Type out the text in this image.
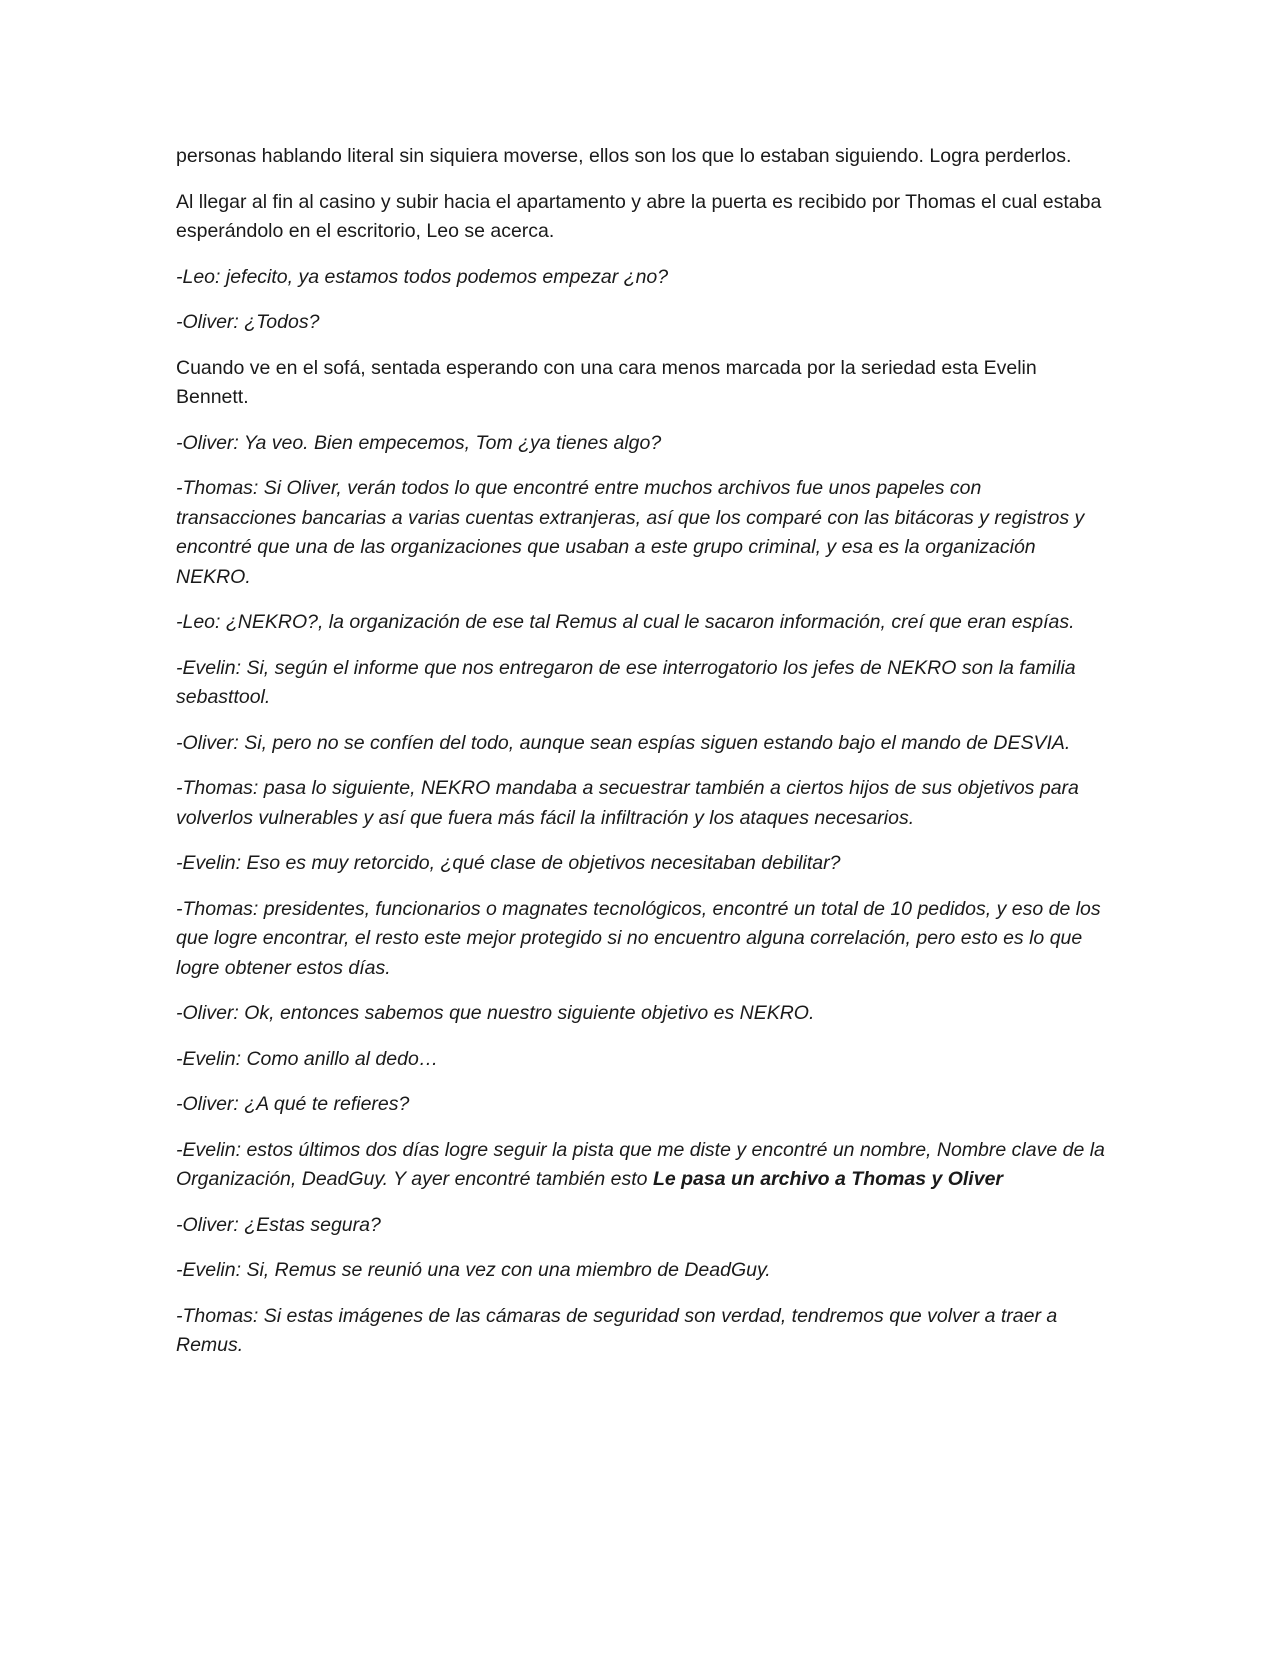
personas hablando literal sin siquiera moverse, ellos son los que lo estaban siguiendo. Logra perderlos.

Al llegar al fin al casino y subir hacia el apartamento y abre la puerta es recibido por Thomas el cual estaba esperándolo en el escritorio, Leo se acerca.

-Leo: jefecito, ya estamos todos podemos empezar ¿no?

-Oliver: ¿Todos?

Cuando ve en el sofá, sentada esperando con una cara menos marcada por la seriedad esta Evelin Bennett.

-Oliver: Ya veo. Bien empecemos, Tom ¿ya tienes algo?

-Thomas: Si Oliver, verán todos lo que encontré entre muchos archivos fue unos papeles con transacciones bancarias a varias cuentas extranjeras, así que los comparé con las bitácoras y registros y encontré que una de las organizaciones que usaban a este grupo criminal, y esa es la organización NEKRO.

-Leo: ¿NEKRO?, la organización de ese tal Remus al cual le sacaron información, creí que eran espías.

-Evelin: Si, según el informe que nos entregaron de ese interrogatorio los jefes de NEKRO son la familia sebasttool.

-Oliver: Si, pero no se confíen del todo, aunque sean espías siguen estando bajo el mando de DESVIA.

-Thomas: pasa lo siguiente, NEKRO mandaba a secuestrar también a ciertos hijos de sus objetivos para volverlos vulnerables y así que fuera más fácil la infiltración y los ataques necesarios.

-Evelin: Eso es muy retorcido, ¿qué clase de objetivos necesitaban debilitar?

-Thomas: presidentes, funcionarios o magnates tecnológicos, encontré un total de 10 pedidos, y eso de los que logre encontrar, el resto este mejor protegido si no encuentro alguna correlación, pero esto es lo que logre obtener estos días.

-Oliver: Ok, entonces sabemos que nuestro siguiente objetivo es NEKRO.

-Evelin: Como anillo al dedo…

-Oliver: ¿A qué te refieres?

-Evelin: estos últimos dos días logre seguir la pista que me diste y encontré un nombre, Nombre clave de la Organización, DeadGuy. Y ayer encontré también esto Le pasa un archivo a Thomas y Oliver

-Oliver: ¿Estas segura?

-Evelin: Si, Remus se reunió una vez con una miembro de DeadGuy.

-Thomas: Si estas imágenes de las cámaras de seguridad son verdad, tendremos que volver a traer a Remus.
